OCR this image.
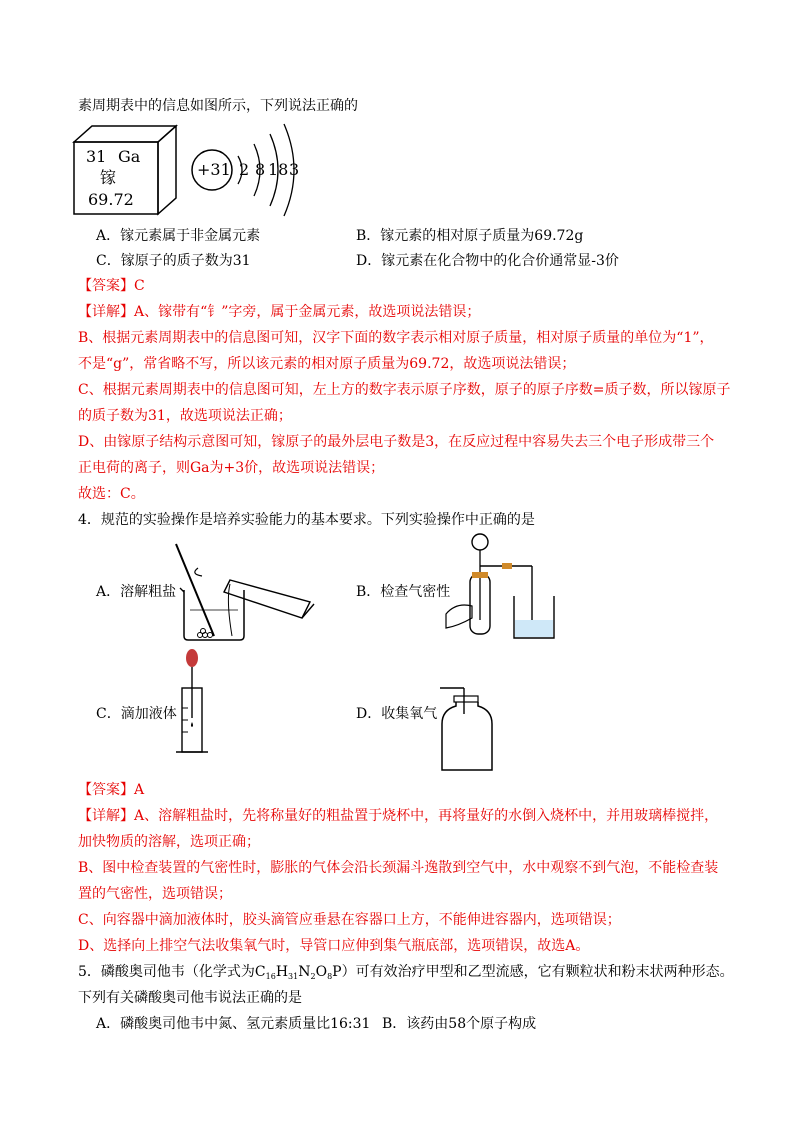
素周期表中的信息如图所示，下列说法正确的
31 Ga
镓
69.72
+31 2 8 18 3
A．镓元素属于非金属元素	B．镓元素的相对原子质量为69.72g
C．镓原子的质子数为31	D．镓元素在化合物中的化合价通常显-3价
【答案】C
【详解】A、镓带有“钅”字旁，属于金属元素，故选项说法错误；
B、根据元素周期表中的信息图可知，汉字下面的数字表示相对原子质量，相对原子质量的单位为“1”，
不是“g”，常省略不写，所以该元素的相对原子质量为69.72，故选项说法错误；
C、根据元素周期表中的信息图可知，左上方的数字表示原子序数，原子的原子序数=质子数，所以镓原子
的质子数为31，故选项说法正确；
D、由镓原子结构示意图可知，镓原子的最外层电子数是3，在反应过程中容易失去三个电子形成带三个
正电荷的离子，则Ga为+3价，故选项说法错误；
故选：C。
4．规范的实验操作是培养实验能力的基本要求。下列实验操作中正确的是
A．溶解粗盐	B．检查气密性
C．滴加液体	D．收集氧气
【答案】A
【详解】A、溶解粗盐时，先将称量好的粗盐置于烧杯中，再将量好的水倒入烧杯中，并用玻璃棒搅拌，
加快物质的溶解，选项正确；
B、图中检查装置的气密性时，膨胀的气体会沿长颈漏斗逸散到空气中，水中观察不到气泡，不能检查装
置的气密性，选项错误；
C、向容器中滴加液体时，胶头滴管应垂悬在容器口上方，不能伸进容器内，选项错误；
D、选择向上排空气法收集氧气时，导管口应伸到集气瓶底部，选项错误，故选A。
5．磷酸奥司他韦（化学式为$C_{16}H_{31}N_2O_8P$）可有效治疗甲型和乙型流感，它有颗粒状和粉末状两种形态。
下列有关磷酸奥司他韦说法正确的是
A．磷酸奥司他韦中氮、氢元素质量比16:31 B．该药由58个原子构成
